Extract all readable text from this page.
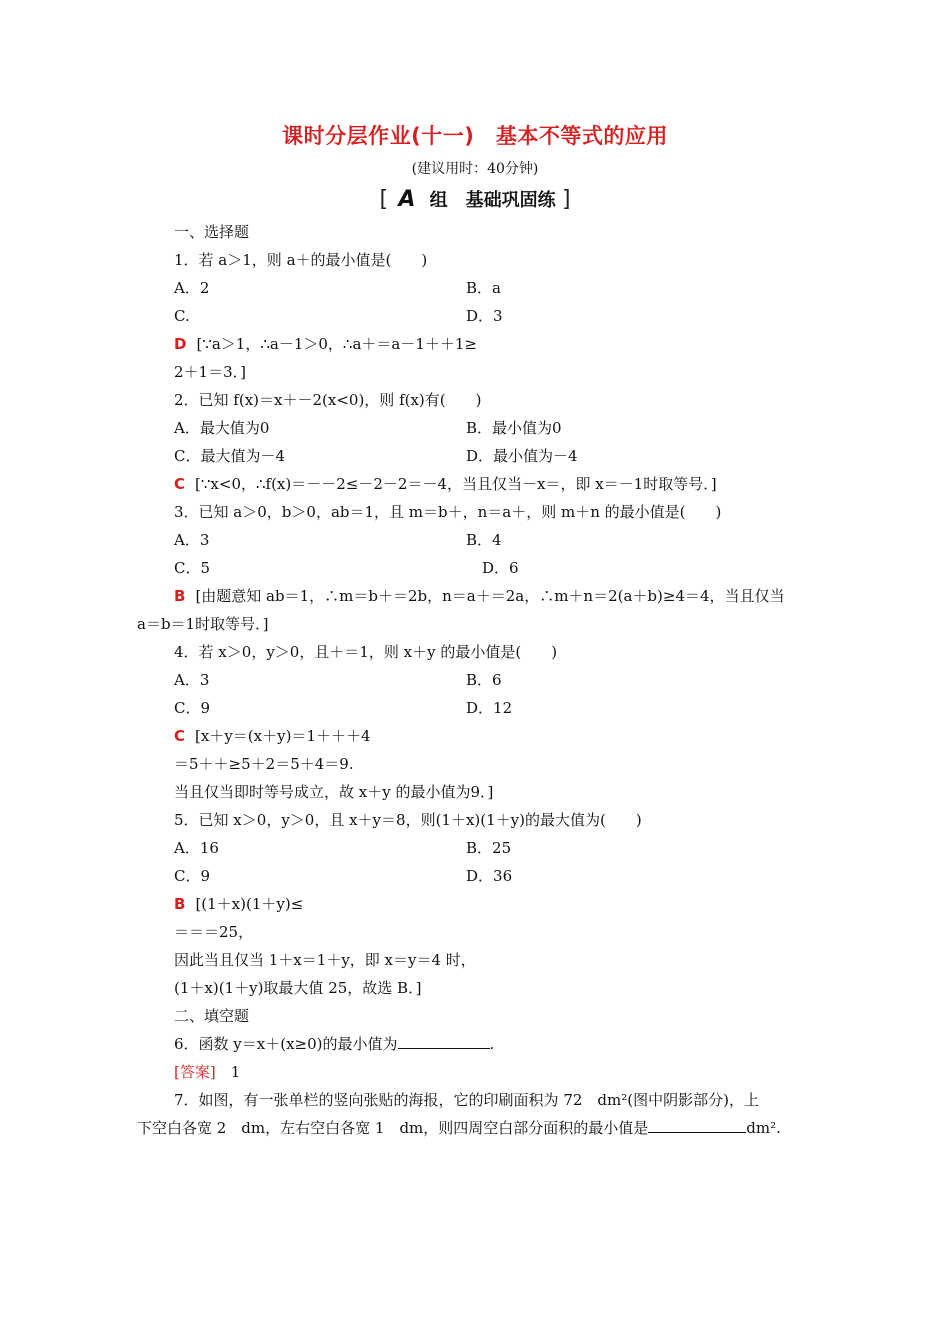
课时分层作业(十一)　基本不等式的应用
(建议用时：40分钟)
[ A 组　基础巩固练 ]
一、选择题
1．若 a＞1，则 a＋的最小值是(　　)
A．2	B．a
C.	D．3
D [∵a＞1，∴a－1＞0，∴a＋＝a－1＋＋1≥
2＋1＝3．]
2．已知 f(x)＝x＋－2(x<0)，则 f(x)有(　　)
A．最大值为0	B．最小值为0
C．最大值为－4	D．最小值为－4
C [∵x<0，∴f(x)＝－－2≤－2－2＝－4，当且仅当－x＝，即 x＝－1时取等号．]
3．已知 a＞0，b＞0，ab＝1，且 m＝b＋，n＝a＋，则 m＋n 的最小值是(　　)
A．3	B．4
C．5	D．6
B [由题意知 ab＝1，∴m＝b＋＝2b，n＝a＋＝2a，∴m＋n＝2(a＋b)≥4＝4，当且仅当
a＝b＝1时取等号．]
4．若 x＞0，y＞0，且＋＝1，则 x＋y 的最小值是(　　)
A．3	B．6
C．9	D．12
C [x＋y＝(x＋y)＝1＋＋＋4
＝5＋＋≥5＋2＝5＋4＝9.
当且仅当即时等号成立，故 x＋y 的最小值为9．]
5．已知 x＞0，y＞0，且 x＋y＝8，则(1＋x)(1＋y)的最大值为(　　)
A．16	B．25
C．9	D．36
B [(1＋x)(1＋y)≤
＝＝＝25，
因此当且仅当 1＋x＝1＋y，即 x＝y＝4 时，
(1＋x)(1＋y)取最大值 25，故选 B．]
二、填空题
6．函数 y＝x＋(x≥0)的最小值为	.
[答案]　 1
7．如图，有一张单栏的竖向张贴的海报，它的印刷面积为 72　dm²(图中阴影部分)，上
下空白各宽 2　dm，左右空白各宽 1　dm，则四周空白部分面积的最小值是	dm².
